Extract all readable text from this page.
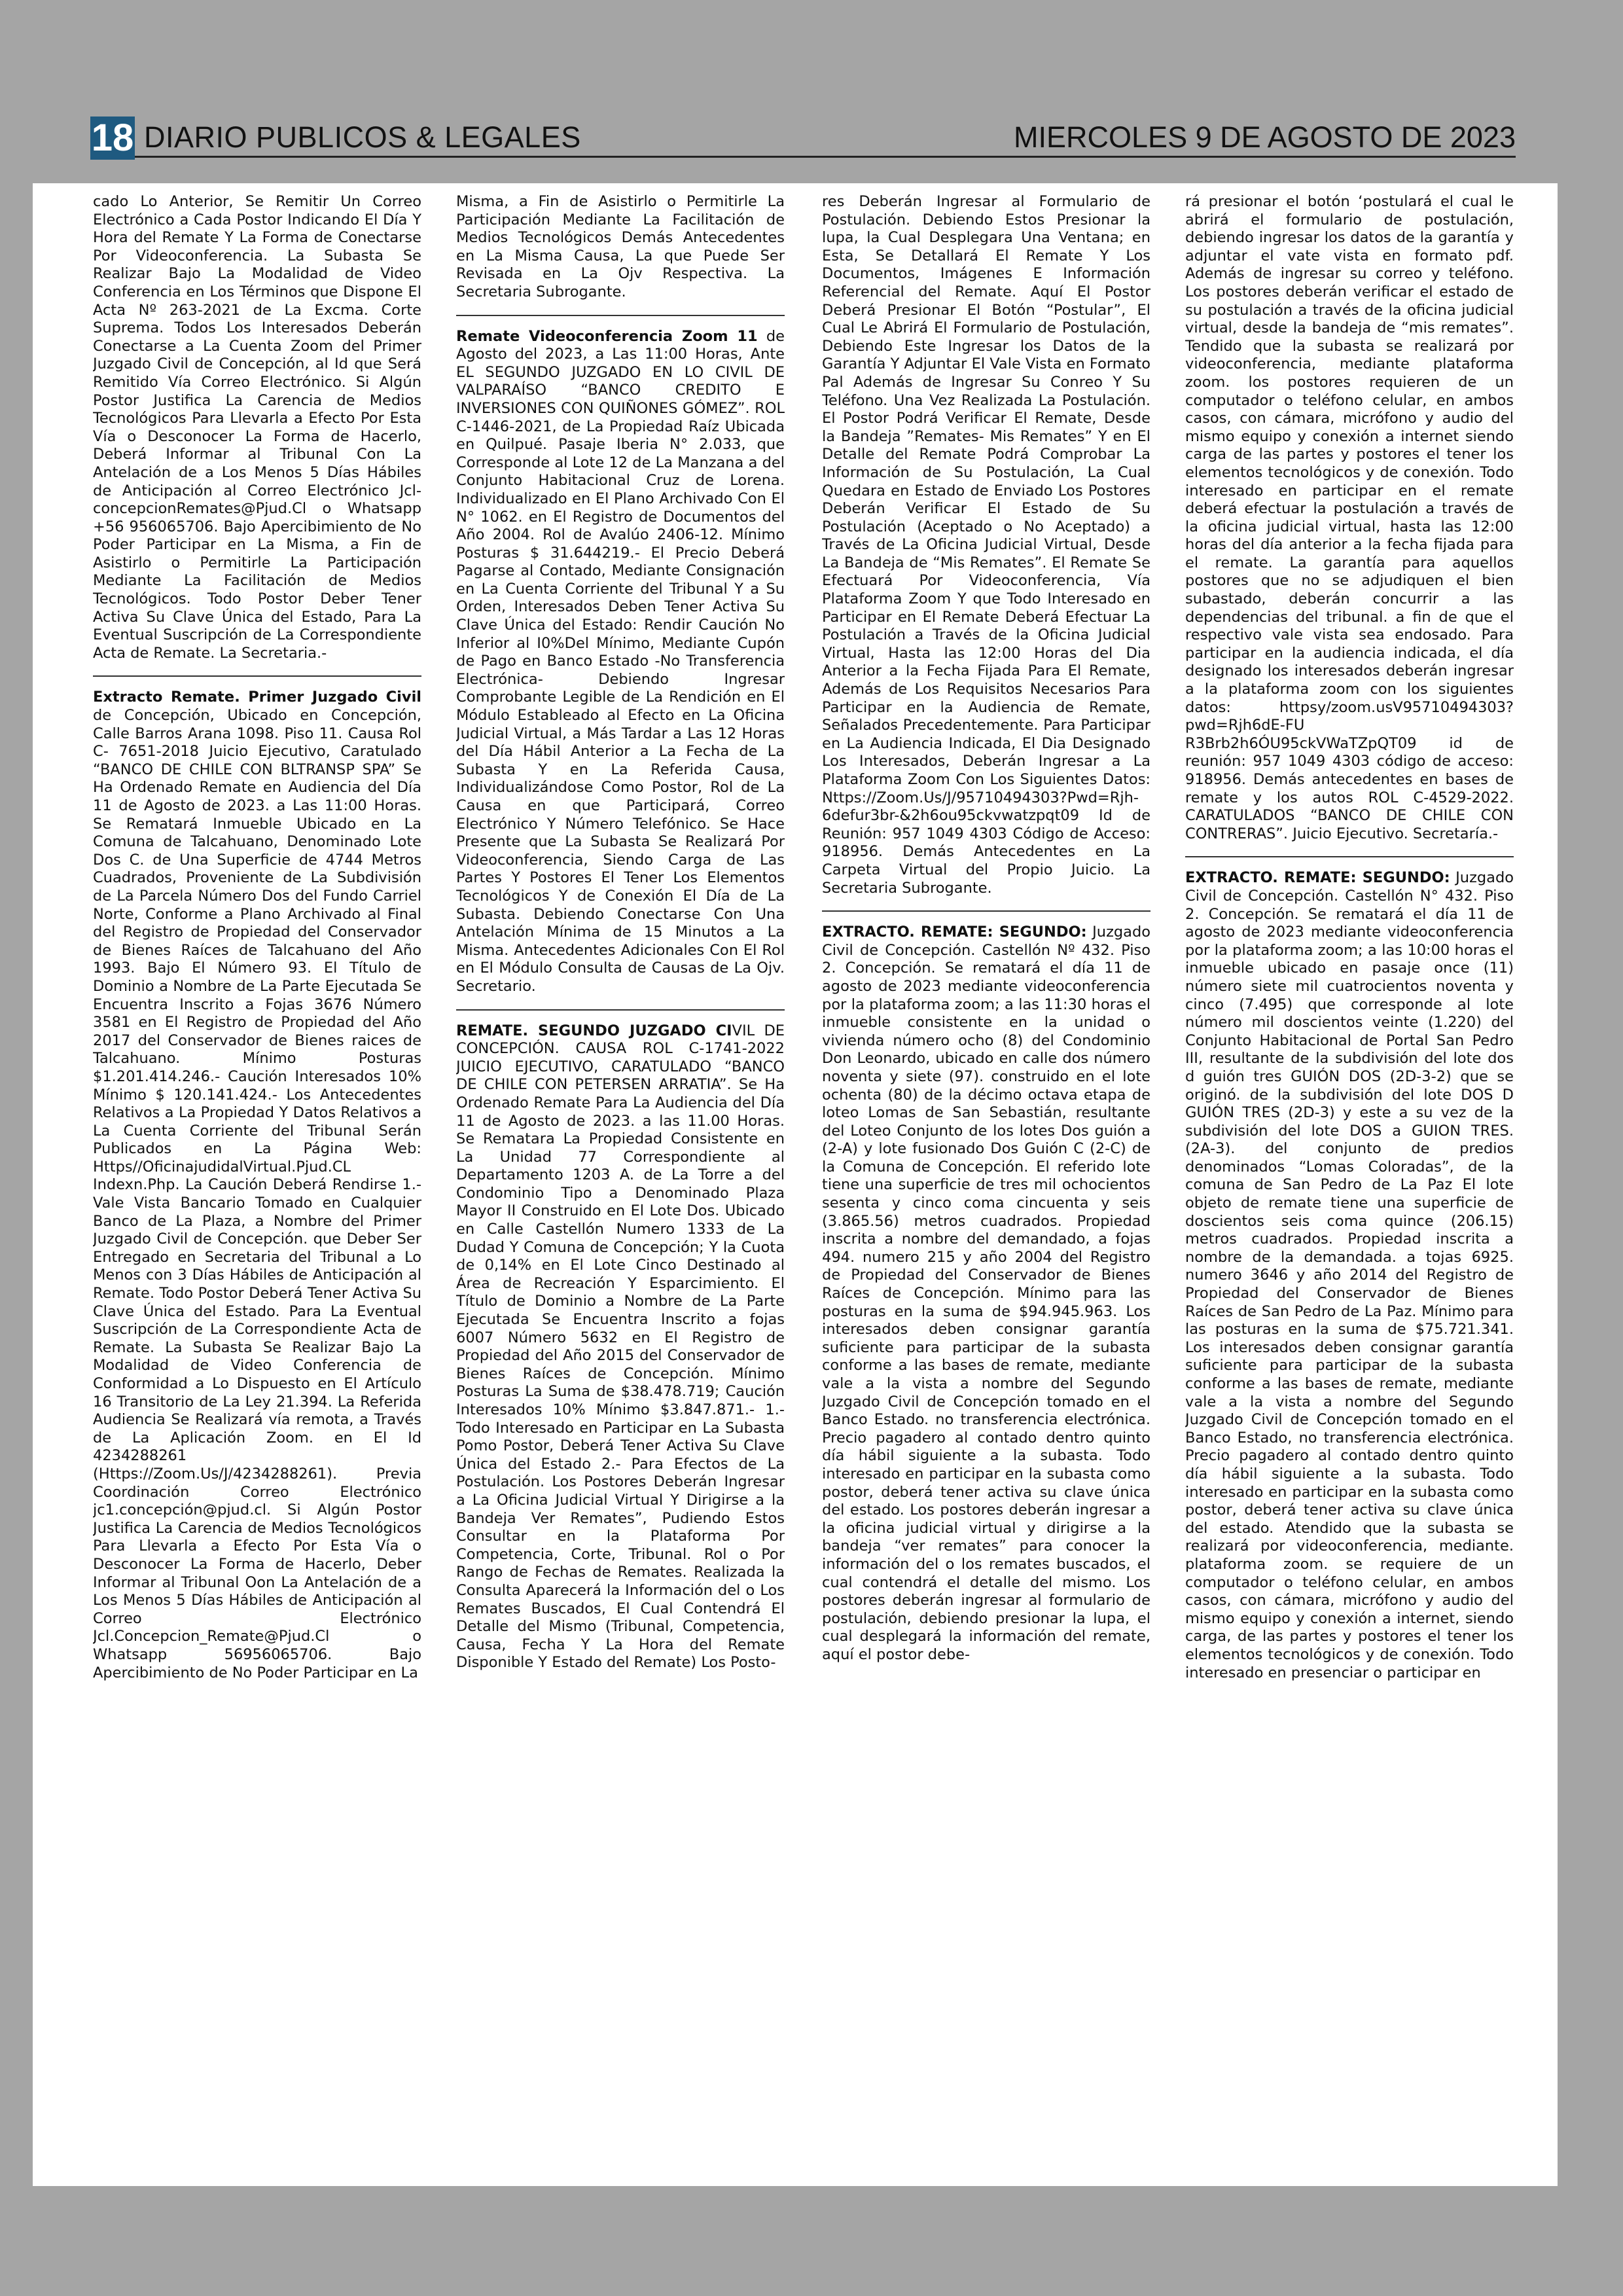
18 DIARIO PUBLICOS & LEGALES	MIERCOLES 9 DE AGOSTO DE 2023

cado Lo Anterior, Se Remitir Un Correo Electrónico a Cada Postor Indicando El Día Y Hora del Remate Y La Forma de Conectarse Por Videoconferencia. La Subasta Se Realizar Bajo La Modalidad de Video Conferencia en Los Términos que Dispone El Acta Nº 263-2021 de La Excma. Corte Suprema. Todos Los Interesados Deberán Conectarse a La Cuenta Zoom del Primer Juzgado Civil de Concepción, al Id que Será Remitido Vía Correo Electrónico. Si Algún Postor Justifica La Carencia de Medios Tecnológicos Para Llevarla a Efecto Por Esta Vía o Desconocer La Forma de Hacerlo, Deberá Informar al Tribunal Con La Antelación de a Los Menos 5 Días Hábiles de Anticipación al Correo Electrónico Jcl-concepcionRemates@Pjud.Cl o Whatsapp +56 956065706. Bajo Apercibimiento de No Poder Participar en La Misma, a Fin de Asistirlo o Permitirle La Participación Mediante La Facilitación de Medios Tecnológicos. Todo Postor Deber Tener Activa Su Clave Única del Estado, Para La Eventual Suscripción de La Correspondiente Acta de Remate. La Secretaria.-

Extracto Remate. Primer Juzgado Civil de Concepción, Ubicado en Concepción, Calle Barros Arana 1098. Piso 11. Causa Rol C- 7651-2018 Juicio Ejecutivo, Caratulado “BANCO DE CHILE CON BLTRANSP SPA” Se Ha Ordenado Remate en Audiencia del Día 11 de Agosto de 2023. a Las 11:00 Horas. Se Rematará Inmueble Ubicado en La Comuna de Talcahuano, Denominado Lote Dos C. de Una Superficie de 4744 Metros Cuadrados, Proveniente de La Subdivisión de La Parcela Número Dos del Fundo Carriel Norte, Conforme a Plano Archivado al Final del Registro de Propiedad del Conservador de Bienes Raíces de Talcahuano del Año 1993. Bajo El Número 93. El Título de Dominio a Nombre de La Parte Ejecutada Se Encuentra Inscrito a Fojas 3676 Número 3581 en El Registro de Propiedad del Año 2017 del Conservador de Bienes raices de Talcahuano. Mínimo Posturas $1.201.414.246.- Caución Interesados 10% Mínimo $ 120.141.424.- Los Antecedentes Relativos a La Propiedad Y Datos Relativos a La Cuenta Corriente del Tribunal Serán Publicados en La Página Web: Https//OficinajudidalVirtual.Pjud.CL Indexn.Php. La Caución Deberá Rendirse 1.- Vale Vista Bancario Tomado en Cualquier Banco de La Plaza, a Nombre del Primer Juzgado Civil de Concepción. que Deber Ser Entregado en Secretaria del Tribunal a Lo Menos con 3 Días Hábiles de Anticipación al Remate. Todo Postor Deberá Tener Activa Su Clave Única del Estado. Para La Eventual Suscripción de La Correspondiente Acta de Remate. La Subasta Se Realizar Bajo La Modalidad de Video Conferencia de Conformidad a Lo Dispuesto en El Artículo 16 Transitorio de La Ley 21.394. La Referida Audiencia Se Realizará vía remota, a Través de La Aplicación Zoom. en El Id 4234288261 (Https://Zoom.Us/J/4234288261). Previa Coordinación Correo Electrónico jc1.concepción@pjud.cl. Si Algún Postor Justifica La Carencia de Medios Tecnológicos Para Llevarla a Efecto Por Esta Vía o Desconocer La Forma de Hacerlo, Deber Informar al Tribunal Oon La Antelación de a Los Menos 5 Días Hábiles de Anticipación al Correo Electrónico Jcl.Concepcion_Remate@Pjud.Cl o Whatsapp 56956065706. Bajo Apercibimiento de No Poder Participar en La

Misma, a Fin de Asistirlo o Permitirle La Participación Mediante La Facilitación de Medios Tecnológicos Demás Antecedentes en La Misma Causa, La que Puede Ser Revisada en La Ojv Respectiva. La Secretaria Subrogante.

Remate Videoconferencia Zoom 11 de Agosto del 2023, a Las 11:00 Horas, Ante EL SEGUNDO JUZGADO EN LO CIVIL DE VALPARAÍSO “BANCO CREDITO E INVERSIONES CON QUIÑONES GÓMEZ”. ROL C-1446-2021, de La Propiedad Raíz Ubicada en Quilpué. Pasaje Iberia N° 2.033, que Corresponde al Lote 12 de La Manzana a del Conjunto Habitacional Cruz de Lorena. Individualizado en El Plano Archivado Con El N° 1062. en El Registro de Documentos del Año 2004. Rol de Avalúo 2406-12. Mínimo Posturas $ 31.644219.- El Precio Deberá Pagarse al Contado, Mediante Consignación en La Cuenta Corriente del Tribunal Y a Su Orden, Interesados Deben Tener Activa Su Clave Única del Estado: Rendir Caución No Inferior al I0%Del Mínimo, Mediante Cupón de Pago en Banco Estado -No Transferencia Electrónica- Debiendo Ingresar Comprobante Legible de La Rendición en El Módulo Estableado al Efecto en La Oficina Judicial Virtual, a Más Tardar a Las 12 Horas del Día Hábil Anterior a La Fecha de La Subasta Y en La Referida Causa, Individualizándose Como Postor, Rol de La Causa en que Participará, Correo Electrónico Y Número Telefónico. Se Hace Presente que La Subasta Se Realizará Por Videoconferencia, Siendo Carga de Las Partes Y Postores El Tener Los Elementos Tecnológicos Y de Conexión El Día de La Subasta. Debiendo Conectarse Con Una Antelación Mínima de 15 Minutos a La Misma. Antecedentes Adicionales Con El Rol en El Módulo Consulta de Causas de La Ojv. Secretario.

REMATE. SEGUNDO JUZGADO CIVIL DE CONCEPCIÓN. CAUSA ROL C-1741-2022 JUICIO EJECUTIVO, CARATULADO “BANCO DE CHILE CON PETERSEN ARRATIA”. Se Ha Ordenado Remate Para La Audiencia del Día 11 de Agosto de 2023. a las 11.00 Horas. Se Rematara La Propiedad Consistente en La Unidad 77 Correspondiente al Departamento 1203 A. de La Torre a del Condominio Tipo a Denominado Plaza Mayor II Construido en El Lote Dos. Ubicado en Calle Castellón Numero 1333 de La Dudad Y Comuna de Concepción; Y la Cuota de 0,14% en El Lote Cinco Destinado al Área de Recreación Y Esparcimiento. El Título de Dominio a Nombre de La Parte Ejecutada Se Encuentra Inscrito a fojas 6007 Número 5632 en El Registro de Propiedad del Año 2015 del Conservador de Bienes Raíces de Concepción. Mínimo Posturas La Suma de $38.478.719; Caución Interesados 10% Mínimo $3.847.871.- 1.-Todo Interesado en Participar en La Subasta Pomo Postor, Deberá Tener Activa Su Clave Única del Estado 2.- Para Efectos de La Postulación. Los Postores Deberán Ingresar a La Oficina Judicial Virtual Y Dirigirse a la Bandeja Ver Remates”, Pudiendo Estos Consultar en la Plataforma Por Competencia, Corte, Tribunal. Rol o Por Rango de Fechas de Remates. Realizada la Consulta Aparecerá la Información del o Los Remates Buscados, El Cual Contendrá El Detalle del Mismo (Tribunal, Competencia, Causa, Fecha Y La Hora del Remate Disponible Y Estado del Remate) Los Posto-

res Deberán Ingresar al Formulario de Postulación. Debiendo Estos Presionar la lupa, la Cual Desplegara Una Ventana; en Esta, Se Detallará El Remate Y Los Documentos, Imágenes E Información Referencial del Remate. Aquí El Postor Deberá Presionar El Botón “Postular”, El Cual Le Abrirá El Formulario de Postulación, Debiendo Este Ingresar los Datos de la Garantía Y Adjuntar El Vale Vista en Formato Pal Además de Ingresar Su Conreo Y Su Teléfono. Una Vez Realizada La Postulación. El Postor Podrá Verificar El Remate, Desde la Bandeja ”Remates- Mis Remates” Y en El Detalle del Remate Podrá Comprobar La Información de Su Postulación, La Cual Quedara en Estado de Enviado Los Postores Deberán Verificar El Estado de Su Postulación (Aceptado o No Aceptado) a Través de La Oficina Judicial Virtual, Desde La Bandeja de “Mis Remates”. El Remate Se Efectuará Por Videoconferencia, Vía Plataforma Zoom Y que Todo Interesado en Participar en El Remate Deberá Efectuar La Postulación a Través de la Oficina Judicial Virtual, Hasta las 12:00 Horas del Dia Anterior a la Fecha Fijada Para El Remate, Además de Los Requisitos Necesarios Para Participar en la Audiencia de Remate, Señalados Precedentemente. Para Participar en La Audiencia Indicada, El Dia Designado Los Interesados, Deberán Ingresar a La Plataforma Zoom Con Los Siguientes Datos: Nttps://Zoom.Us/J/95710494303?Pwd=Rjh-6defur3br-&2h6ou95ckvwatzpqt09 Id de Reunión: 957 1049 4303 Código de Acceso: 918956. Demás Antecedentes en La Carpeta Virtual del Propio Juicio. La Secretaria Subrogante.

EXTRACTO. REMATE: SEGUNDO: Juzgado Civil de Concepción. Castellón Nº 432. Piso 2. Concepción. Se rematará el día 11 de agosto de 2023 mediante videoconferencia por la plataforma zoom; a las 11:30 horas el inmueble consistente en la unidad o vivienda número ocho (8) del Condominio Don Leonardo, ubicado en calle dos número noventa y siete (97). construido en el lote ochenta (80) de la décimo octava etapa de loteo Lomas de San Sebastián, resultante del Loteo Conjunto de los lotes Dos guión a (2-A) y lote fusionado Dos Guión C (2-C) de la Comuna de Concepción. El referido lote tiene una superficie de tres mil ochocientos sesenta y cinco coma cincuenta y seis (3.865.56) metros cuadrados. Propiedad inscrita a nombre del demandado, a fojas 494. numero 215 y año 2004 del Registro de Propiedad del Conservador de Bienes Raíces de Concepción. Mínimo para las posturas en la suma de $94.945.963. Los interesados deben consignar garantía suficiente para participar de la subasta conforme a las bases de remate, mediante vale a la vista a nombre del Segundo Juzgado Civil de Concepción tomado en el Banco Estado. no transferencia electrónica. Precio pagadero al contado dentro quinto día hábil siguiente a la subasta. Todo interesado en participar en la subasta como postor, deberá tener activa su clave única del estado. Los postores deberán ingresar a la oficina judicial virtual y dirigirse a la bandeja “ver remates” para conocer la información del o los remates buscados, el cual contendrá el detalle del mismo. Los postores deberán ingresar al formulario de postulación, debiendo presionar la lupa, el cual desplegará la información del remate, aquí el postor debe-

rá presionar el botón ‘postulará el cual le abrirá el formulario de postulación, debiendo ingresar los datos de la garantía y adjuntar el vate vista en formato pdf. Además de ingresar su correo y teléfono. Los postores deberán verificar el estado de su postulación a través de la oficina judicial virtual, desde la bandeja de “mis remates”. Tendido que la subasta se realizará por videoconferencia, mediante plataforma zoom. los postores requieren de un computador o teléfono celular, en ambos casos, con cámara, micrófono y audio del mismo equipo y conexión a internet siendo carga de las partes y postores el tener los elementos tecnológicos y de conexión. Todo interesado en participar en el remate deberá efectuar la postulación a través de la oficina judicial virtual, hasta las 12:00 horas del día anterior a la fecha fijada para el remate. La garantía para aquellos postores que no se adjudiquen el bien subastado, deberán concurrir a las dependencias del tribunal. a fin de que el respectivo vale vista sea endosado. Para participar en la audiencia indicada, el día designado los interesados deberán ingresar a la plataforma zoom con los siguientes datos: httpsy/zoom.usV95710494303?pwd=Rjh6dE-FU R3Brb2h6ÓU95ckVWaTZpQT09 id de reunión: 957 1049 4303 código de acceso: 918956. Demás antecedentes en bases de remate y los autos ROL C-4529-2022. CARATULADOS “BANCO DE CHILE CON CONTRERAS”. Juicio Ejecutivo. Secretaría.-

EXTRACTO. REMATE: SEGUNDO: Juzgado Civil de Concepción. Castellón N° 432. Piso 2. Concepción. Se rematará el día 11 de agosto de 2023 mediante videoconferencia por la plataforma zoom; a las 10:00 horas el inmueble ubicado en pasaje once (11) número siete mil cuatrocientos noventa y cinco (7.495) que corresponde al lote número mil doscientos veinte (1.220) del Conjunto Habitacional de Portal San Pedro III, resultante de la subdivisión del lote dos d guión tres GUIÓN DOS (2D-3-2) que se originó. de la subdivisión del lote DOS D GUIÓN TRES (2D-3) y este a su vez de la subdivisión del lote DOS a GUION TRES. (2A-3). del conjunto de predios denominados “Lomas Coloradas”, de la comuna de San Pedro de La Paz El lote objeto de remate tiene una superficie de doscientos seis coma quince (206.15) metros cuadrados. Propiedad inscrita a nombre de la demandada. a tojas 6925. numero 3646 y año 2014 del Registro de Propiedad del Conservador de Bienes Raíces de San Pedro de La Paz. Mínimo para las posturas en la suma de $75.721.341. Los interesados deben consignar garantía suficiente para participar de la subasta conforme a las bases de remate, mediante vale a la vista a nombre del Segundo Juzgado Civil de Concepción tomado en el Banco Estado, no transferencia electrónica. Precio pagadero al contado dentro quinto día hábil siguiente a la subasta. Todo interesado en participar en la subasta como postor, deberá tener activa su clave única del estado. Atendido que la subasta se realizará por videoconferencia, mediante. plataforma zoom. se requiere de un computador o teléfono celular, en ambos casos, con cámara, micrófono y audio del mismo equipo y conexión a internet, siendo carga, de las partes y postores el tener los elementos tecnológicos y de conexión. Todo interesado en presenciar o participar en
